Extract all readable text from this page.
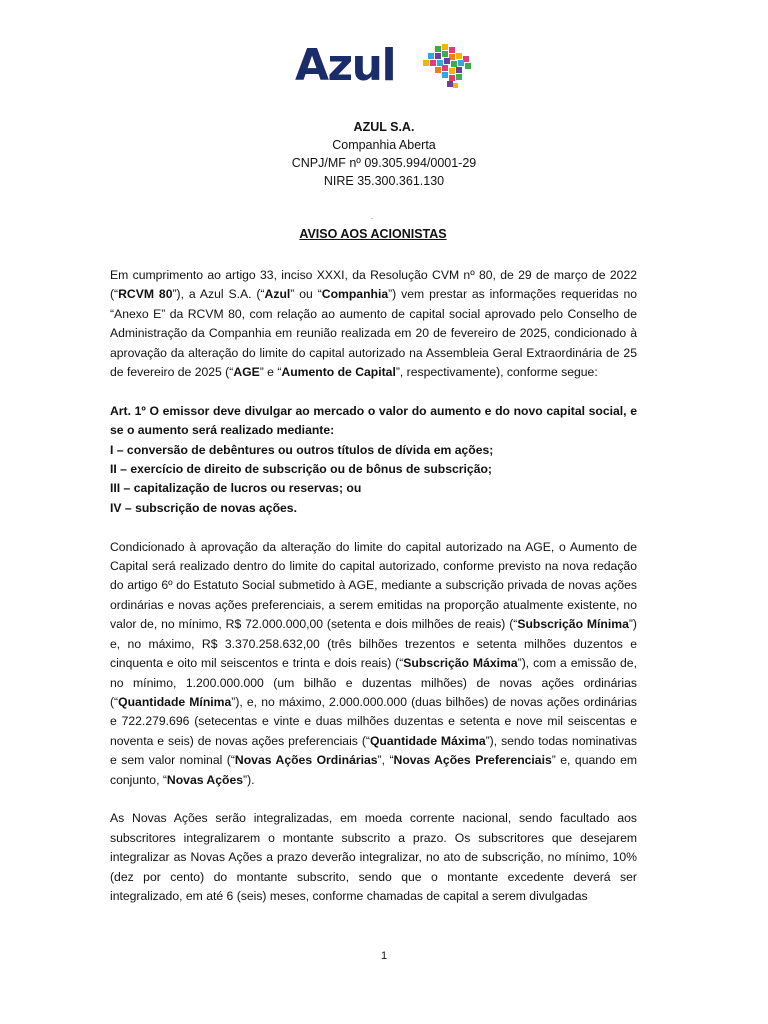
Azul
AZUL S.A.
Companhia Aberta
CNPJ/MF nº 09.305.994/0001-29
NIRE 35.300.361.130
.
AVISO AOS ACIONISTAS

Em cumprimento ao artigo 33, inciso XXXI, da Resolução CVM nº 80, de 29 de março de 2022 (“RCVM 80”), a Azul S.A. (“Azul” ou “Companhia”) vem prestar as informações requeridas no “Anexo E” da RCVM 80, com relação ao aumento de capital social aprovado pelo Conselho de Administração da Companhia em reunião realizada em 20 de fevereiro de 2025, condicionado à aprovação da alteração do limite do capital autorizado na Assembleia Geral Extraordinária de 25 de fevereiro de 2025 (“AGE” e “Aumento de Capital”, respectivamente), conforme segue:

Art. 1º O emissor deve divulgar ao mercado o valor do aumento e do novo capital social, e se o aumento será realizado mediante:

I – conversão de debêntures ou outros títulos de dívida em ações;

II – exercício de direito de subscrição ou de bônus de subscrição;

III – capitalização de lucros ou reservas; ou

IV – subscrição de novas ações.

Condicionado à aprovação da alteração do limite do capital autorizado na AGE, o Aumento de Capital será realizado dentro do limite do capital autorizado, conforme previsto na nova redação do artigo 6º do Estatuto Social submetido à AGE, mediante a subscrição privada de novas ações ordinárias e novas ações preferenciais, a serem emitidas na proporção atualmente existente, no valor de, no mínimo, R$ 72.000.000,00 (setenta e dois milhões de reais) (“Subscrição Mínima”) e, no máximo, R$ 3.370.258.632,00 (três bilhões trezentos e setenta milhões duzentos e cinquenta e oito mil seiscentos e trinta e dois reais) (“Subscrição Máxima”), com a emissão de, no mínimo, 1.200.000.000 (um bilhão e duzentas milhões) de novas ações ordinárias (“Quantidade Mínima”), e, no máximo, 2.000.000.000 (duas bilhões) de novas ações ordinárias e 722.279.696 (setecentas e vinte e duas milhões duzentas e setenta e nove mil seiscentas e noventa e seis) de novas ações preferenciais (“Quantidade Máxima”), sendo todas nominativas e sem valor nominal (“Novas Ações Ordinárias”, “Novas Ações Preferenciais” e, quando em conjunto, “Novas Ações”).

As Novas Ações serão integralizadas, em moeda corrente nacional, sendo facultado aos subscritores integralizarem o montante subscrito a prazo. Os subscritores que desejarem integralizar as Novas Ações a prazo deverão integralizar, no ato de subscrição, no mínimo, 10% (dez por cento) do montante subscrito, sendo que o montante excedente deverá ser integralizado, em até 6 (seis) meses, conforme chamadas de capital a serem divulgadas

1
